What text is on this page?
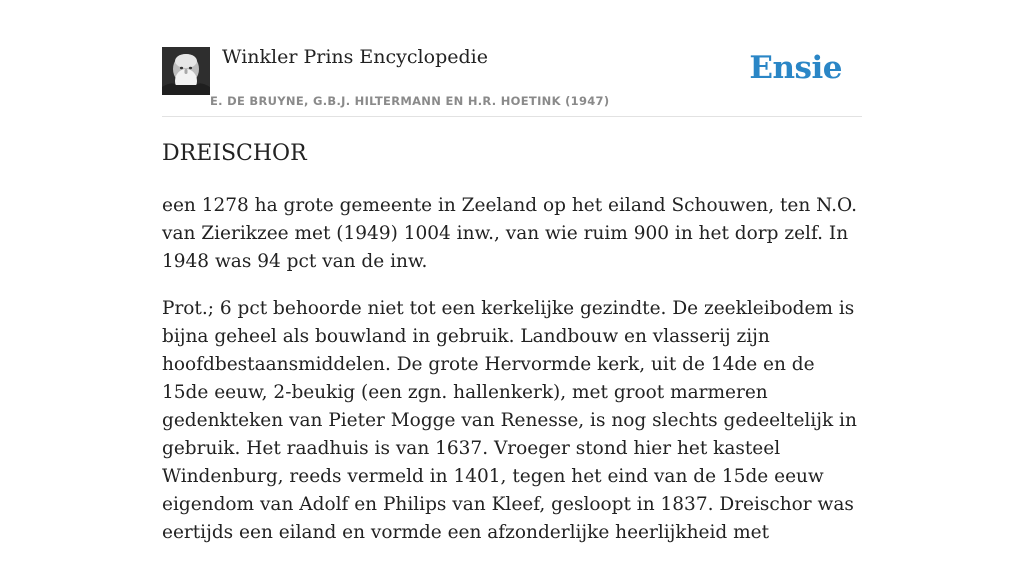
Winkler Prins Encyclopedie
E. DE BRUYNE, G.B.J. HILTERMANN EN H.R. HOETINK (1947)
Ensie
DREISCHOR

een 1278 ha grote gemeente in Zeeland op het eiland Schouwen, ten N.O. van Zierikzee met (1949) 1004 inw., van wie ruim 900 in het dorp zelf. In 1948 was 94 pct van de inw.

Prot.; 6 pct behoorde niet tot een kerkelijke gezindte. De zeekleibodem is bijna geheel als bouwland in gebruik. Landbouw en vlasserij zijn hoofdbestaansmiddelen. De grote Hervormde kerk, uit de 14de en de 15de eeuw, 2-beukig (een zgn. hallenkerk), met groot marmeren gedenkteken van Pieter Mogge van Renesse, is nog slechts gedeeltelijk in gebruik. Het raadhuis is van 1637. Vroeger stond hier het kasteel Windenburg, reeds vermeld in 1401, tegen het eind van de 15de eeuw eigendom van Adolf en Philips van Kleef, gesloopt in 1837. Dreischor was eertijds een eiland en vormde een afzonderlijke heerlijkheid met
